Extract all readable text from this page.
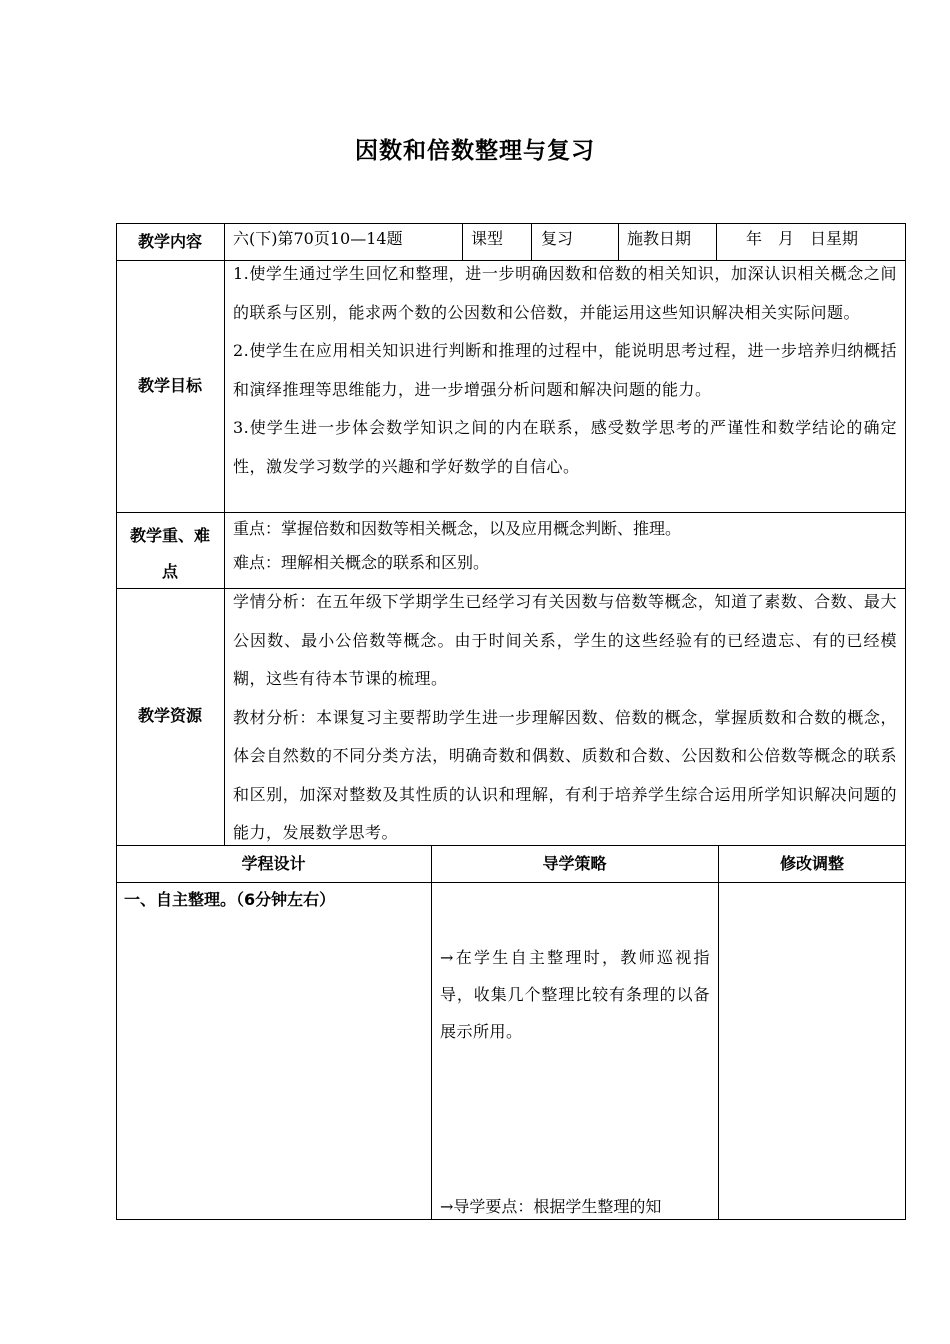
因数和倍数整理与复习
教学内容	六(下)第70页10—14题	课型 复习	施教日期	年　月　日星期
教学目标

1.使学生通过学生回忆和整理，进一步明确因数和倍数的相关知识，加深认识相关概念之间的联系与区别，能求两个数的公因数和公倍数，并能运用这些知识解决相关实际问题。

2.使学生在应用相关知识进行判断和推理的过程中，能说明思考过程，进一步培养归纳概括和演绎推理等思维能力，进一步增强分析问题和解决问题的能力。

3.使学生进一步体会数学知识之间的内在联系，感受数学思考的严谨性和数学结论的确定性，激发学习数学的兴趣和学好数学的自信心。

教学重、难
点
重点：掌握倍数和因数等相关概念，以及应用概念判断、推理。
难点：理解相关概念的联系和区别。
教学资源

学情分析：在五年级下学期学生已经学习有关因数与倍数等概念，知道了素数、合数、最大公因数、最小公倍数等概念。由于时间关系，学生的这些经验有的已经遗忘、有的已经模糊，这些有待本节课的梳理。

教材分析：本课复习主要帮助学生进一步理解因数、倍数的概念，掌握质数和合数的概念，体会自然数的不同分类方法，明确奇数和偶数、质数和合数、公因数和公倍数等概念的联系和区别，加深对整数及其性质的认识和理解，有利于培养学生综合运用所学知识解决问题的能力，发展数学思考。

学程设计	导学策略	修改调整
一、自主整理。（6分钟左右）
→在学生自主整理时，教师巡视指导，收集几个整理比较有条理的以备展示所用。
→导学要点：根据学生整理的知
